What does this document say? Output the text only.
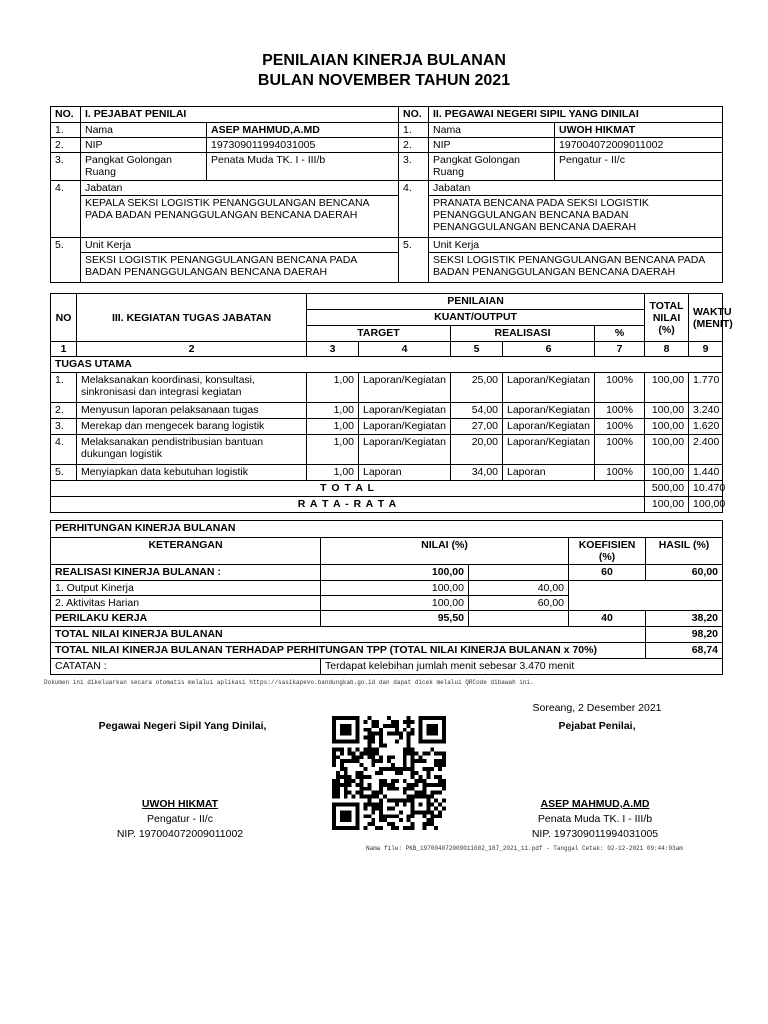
PENILAIAN KINERJA BULANAN
BULAN NOVEMBER TAHUN 2021
NO.	I. PEJABAT PENILAI		NO.	II. PEGAWAI NEGERI SIPIL YANG DINILAI	
1.	Nama	ASEP MAHMUD,A.MD	1.	Nama	UWOH HIKMAT
2.	NIP	197309011994031005	2.	NIP	197004072009011002
3.	Pangkat Golongan Ruang	Penata Muda TK. I - III/b	3.	Pangkat Golongan Ruang	Pengatur - II/c
4.	Jabatan		4.	Jabatan	
	KEPALA SEKSI LOGISTIK PENANGGULANGAN BENCANA PADA BADAN PENANGGULANGAN BENCANA DAERAH			PRANATA BENCANA PADA SEKSI LOGISTIK PENANGGULANGAN BENCANA BADAN PENANGGULANGAN BENCANA DAERAH	
5.	Unit Kerja		5.	Unit Kerja	
	SEKSI LOGISTIK PENANGGULANGAN BENCANA PADA BADAN PENANGGULANGAN BENCANA DAERAH			SEKSI LOGISTIK PENANGGULANGAN BENCANA PADA BADAN PENANGGULANGAN BENCANA DAERAH	
NO	III. KEGIATAN TUGAS JABATAN	PENILAIAN					TOTAL NILAI (%)	WAKTU (MENIT)
		KUANT/OUTPUT						
		TARGET		REALISASI		%		
1	2	3	4	5	6	7	8	9
TUGAS UTAMA								
1.	Melaksanakan koordinasi, konsultasi, sinkronisasi dan integrasi kegiatan	1,00	Laporan/Kegiatan	25,00	Laporan/Kegiatan	100%	100,00	1.770
2.	Menyusun laporan pelaksanaan tugas	1,00	Laporan/Kegiatan	54,00	Laporan/Kegiatan	100%	100,00	3.240
3.	Merekap dan mengecek barang logistik	1,00	Laporan/Kegiatan	27,00	Laporan/Kegiatan	100%	100,00	1.620
4.	Melaksanakan pendistribusian bantuan dukungan logistik	1,00	Laporan/Kegiatan	20,00	Laporan/Kegiatan	100%	100,00	2.400
5.	Menyiapkan data kebutuhan logistik	1,00	Laporan	34,00	Laporan	100%	100,00	1.440
T O T A L							500,00	10.470
R A T A - R A T A							100,00	100,00
PERHITUNGAN KINERJA BULANAN				
KETERANGAN	NILAI (%)		KOEFISIEN (%)	HASIL (%)
REALISASI KINERJA BULANAN :	100,00		60	60,00
1. Output Kinerja	100,00	40,00		
2. Aktivitas Harian	100,00	60,00		
PERILAKU KERJA	95,50		40	38,20
TOTAL NILAI KINERJA BULANAN				98,20
TOTAL NILAI KINERJA BULANAN TERHADAP PERHITUNGAN TPP (TOTAL NILAI KINERJA BULANAN x 70%)				68,74
CATATAN :	Terdapat kelebihan jumlah menit sebesar 3.470 menit			
Dokumen ini dikeluarkan secara otomatis melalui aplikasi https://sasikapevo.bandungkab.go.id dan dapat dicek melalui QRCode dibawah ini.
Soreang, 2 Desember 2021
Pegawai Negeri Sipil Yang Dinilai,	Pejabat Penilai,
UWOH HIKMAT
Pengatur - II/c
NIP. 197004072009011002
ASEP MAHMUD,A.MD
Penata Muda TK. I - III/b
NIP. 197309011994031005
Nama file: PKB_197004072009011002_187_2021_11.pdf - Tanggal Cetak: 02-12-2021 09:44:03am
